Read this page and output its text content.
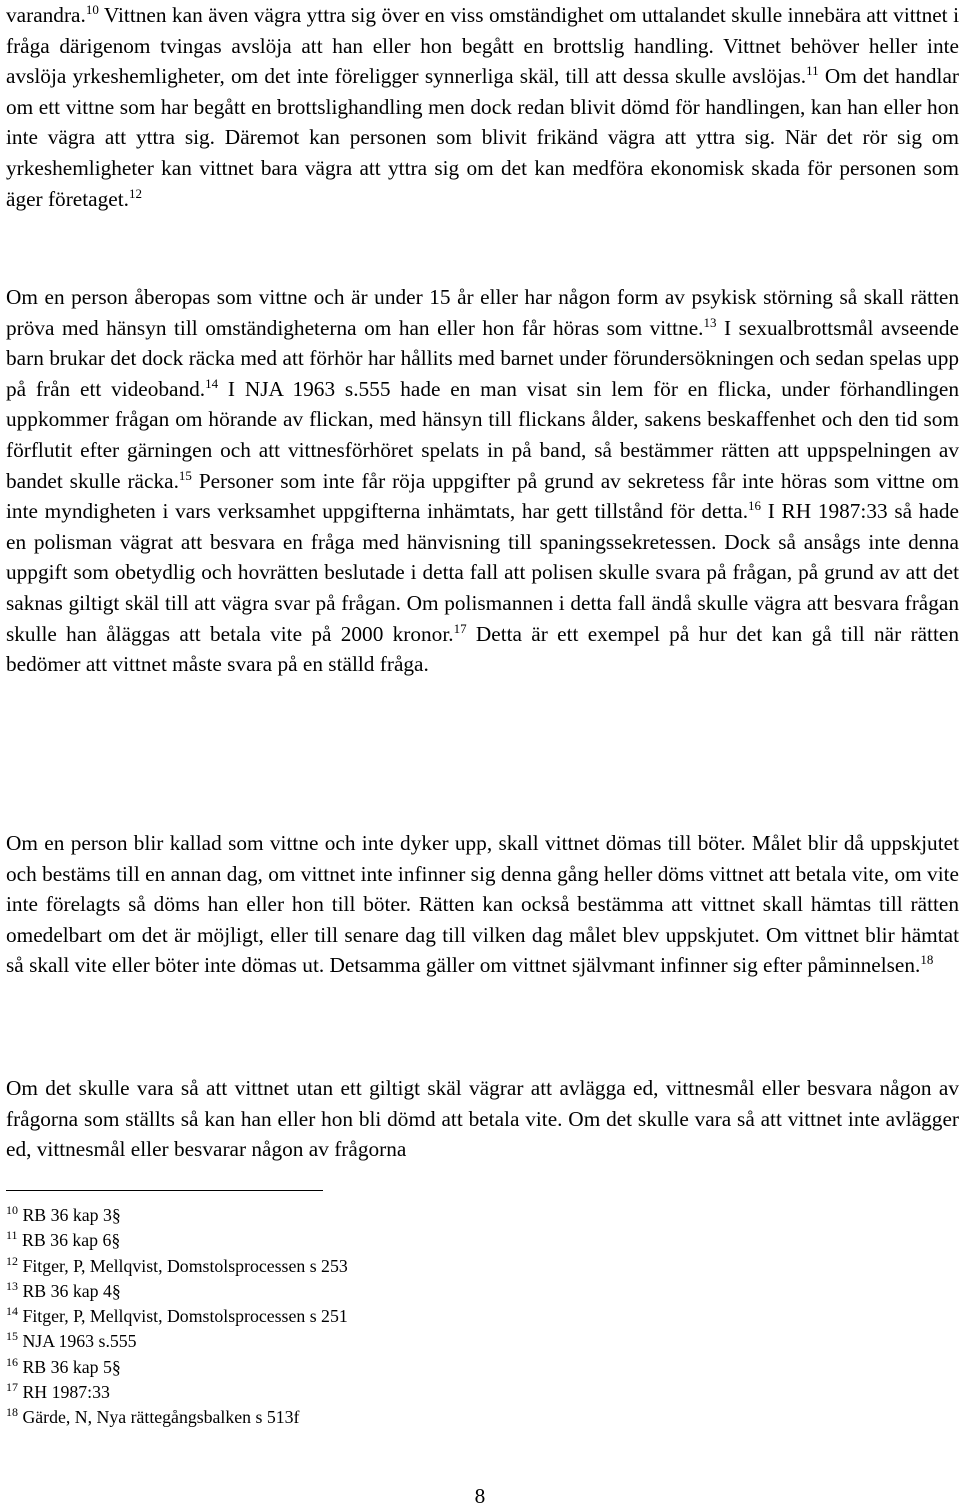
varandra.$^{10}$ Vittnen kan även vägra yttra sig över en viss omständighet om uttalandet skulle innebära att vittnet i fråga därigenom tvingas avslöja att han eller hon begått en brottslig handling. Vittnet behöver heller inte avslöja yrkeshemligheter, om det inte föreligger synnerliga skäl, till att dessa skulle avslöjas.$^{11}$ Om det handlar om ett vittne som har begått en brottslighandling men dock redan blivit dömd för handlingen, kan han eller hon inte vägra att yttra sig. Däremot kan personen som blivit frikänd vägra att yttra sig. När det rör sig om yrkeshemligheter kan vittnet bara vägra att yttra sig om det kan medföra ekonomisk skada för personen som äger företaget.$^{12}$

Om en person åberopas som vittne och är under 15 år eller har någon form av psykisk störning så skall rätten pröva med hänsyn till omständigheterna om han eller hon får höras som vittne.$^{13}$ I sexualbrottsmål avseende barn brukar det dock räcka med att förhör har hållits med barnet under förundersökningen och sedan spelas upp på från ett videoband.$^{14}$ I NJA 1963 s.555 hade en man visat sin lem för en flicka, under förhandlingen uppkommer frågan om hörande av flickan, med hänsyn till flickans ålder, sakens beskaffenhet och den tid som förflutit efter gärningen och att vittnesförhöret spelats in på band, så bestämmer rätten att uppspelningen av bandet skulle räcka.$^{15}$ Personer som inte får röja uppgifter på grund av sekretess får inte höras som vittne om inte myndigheten i vars verksamhet uppgifterna inhämtats, har gett tillstånd för detta.$^{16}$ I RH 1987:33 så hade en polisman vägrat att besvara en fråga med hänvisning till spaningssekretessen. Dock så ansågs inte denna uppgift som obetydlig och hovrätten beslutade i detta fall att polisen skulle svara på frågan, på grund av att det saknas giltigt skäl till att vägra svar på frågan. Om polismannen i detta fall ändå skulle vägra att besvara frågan skulle han åläggas att betala vite på 2000 kronor.$^{17}$ Detta är ett exempel på hur det kan gå till när rätten bedömer att vittnet måste svara på en ställd fråga.

Om en person blir kallad som vittne och inte dyker upp, skall vittnet dömas till böter. Målet blir då uppskjutet och bestäms till en annan dag, om vittnet inte infinner sig denna gång heller döms vittnet att betala vite, om vite inte förelagts så döms han eller hon till böter. Rätten kan också bestämma att vittnet skall hämtas till rätten omedelbart om det är möjligt, eller till senare dag till vilken dag målet blev uppskjutet. Om vittnet blir hämtat så skall vite eller böter inte dömas ut. Detsamma gäller om vittnet självmant infinner sig efter påminnelsen.$^{18}$

Om det skulle vara så att vittnet utan ett giltigt skäl vägrar att avlägga ed, vittnesmål eller besvara någon av frågorna som ställts så kan han eller hon bli dömd att betala vite. Om det skulle vara så att vittnet inte avlägger ed, vittnesmål eller besvarar någon av frågorna

$^{10}$ RB 36 kap 3§
$^{11}$ RB 36 kap 6§
$^{12}$ Fitger, P, Mellqvist, Domstolsprocessen s 253
$^{13}$ RB 36 kap 4§
$^{14}$ Fitger, P, Mellqvist, Domstolsprocessen s 251
$^{15}$ NJA 1963 s.555
$^{16}$ RB 36 kap 5§
$^{17}$ RH 1987:33
$^{18}$ Gärde, N, Nya rättegångsbalken s 513f
8
